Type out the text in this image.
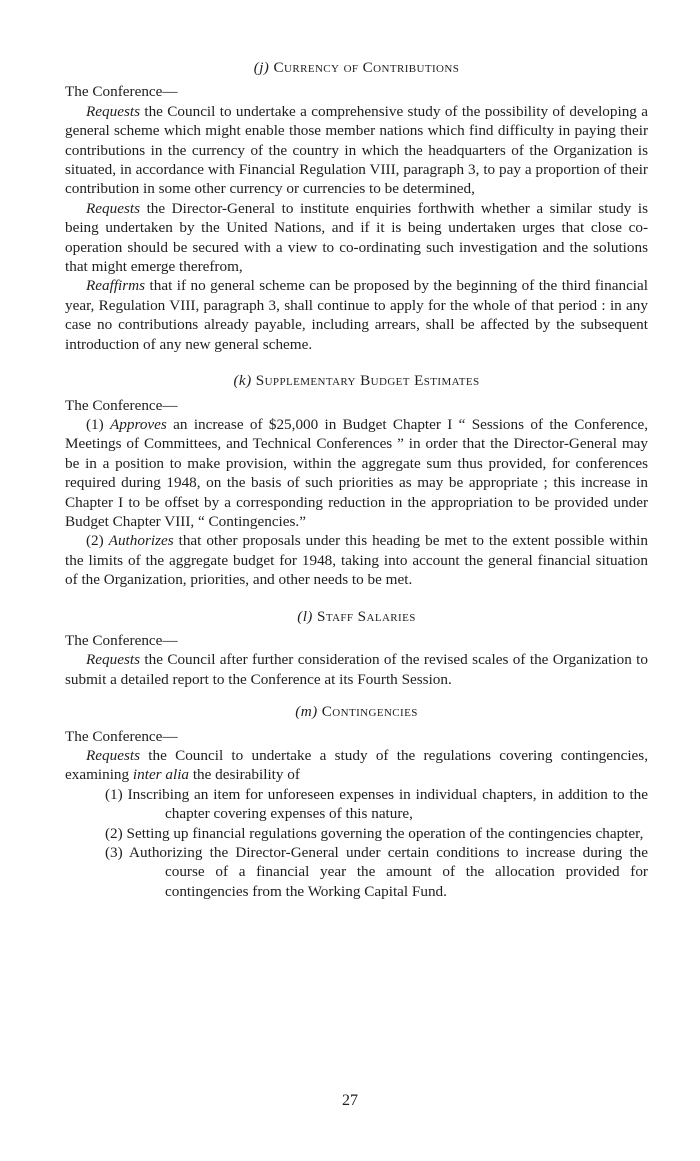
(j) Currency of Contributions
The Conference—

Requests the Council to undertake a comprehensive study of the possibility of developing a general scheme which might enable those member nations which find difficulty in paying their contributions in the currency of the country in which the headquarters of the Organization is situated, in accordance with Financial Regulation VIII, paragraph 3, to pay a proportion of their contribution in some other currency or currencies to be determined,

Requests the Director-General to institute enquiries forthwith whether a similar study is being undertaken by the United Nations, and if it is being undertaken urges that close co-operation should be secured with a view to co-ordinating such investigation and the solutions that might emerge therefrom,

Reaffirms that if no general scheme can be proposed by the beginning of the third financial year, Regulation VIII, paragraph 3, shall continue to apply for the whole of that period : in any case no contributions already payable, including arrears, shall be affected by the subsequent introduction of any new general scheme.

(k) Supplementary Budget Estimates
The Conference—

(1) Approves an increase of $25,000 in Budget Chapter I “ Sessions of the Conference, Meetings of Committees, and Technical Conferences ” in order that the Director-General may be in a position to make provision, within the aggregate sum thus provided, for conferences required during 1948, on the basis of such priorities as may be appropriate ; this increase in Chapter I to be offset by a corresponding reduction in the appropriation to be provided under Budget Chapter VIII, “ Contingencies.”

(2) Authorizes that other proposals under this heading be met to the extent possible within the limits of the aggregate budget for 1948, taking into account the general financial situation of the Organization, priorities, and other needs to be met.

(l) Staff Salaries
The Conference—

Requests the Council after further consideration of the revised scales of the Organization to submit a detailed report to the Conference at its Fourth Session.

(m) Contingencies
The Conference—

Requests the Council to undertake a study of the regulations covering contingencies, examining inter alia the desirability of

(1) Inscribing an item for unforeseen expenses in individual chapters, in addition to the chapter covering expenses of this nature,
(2) Setting up financial regulations governing the operation of the contingencies chapter,
(3) Authorizing the Director-General under certain conditions to increase during the course of a financial year the amount of the allocation provided for contingencies from the Working Capital Fund.
27
